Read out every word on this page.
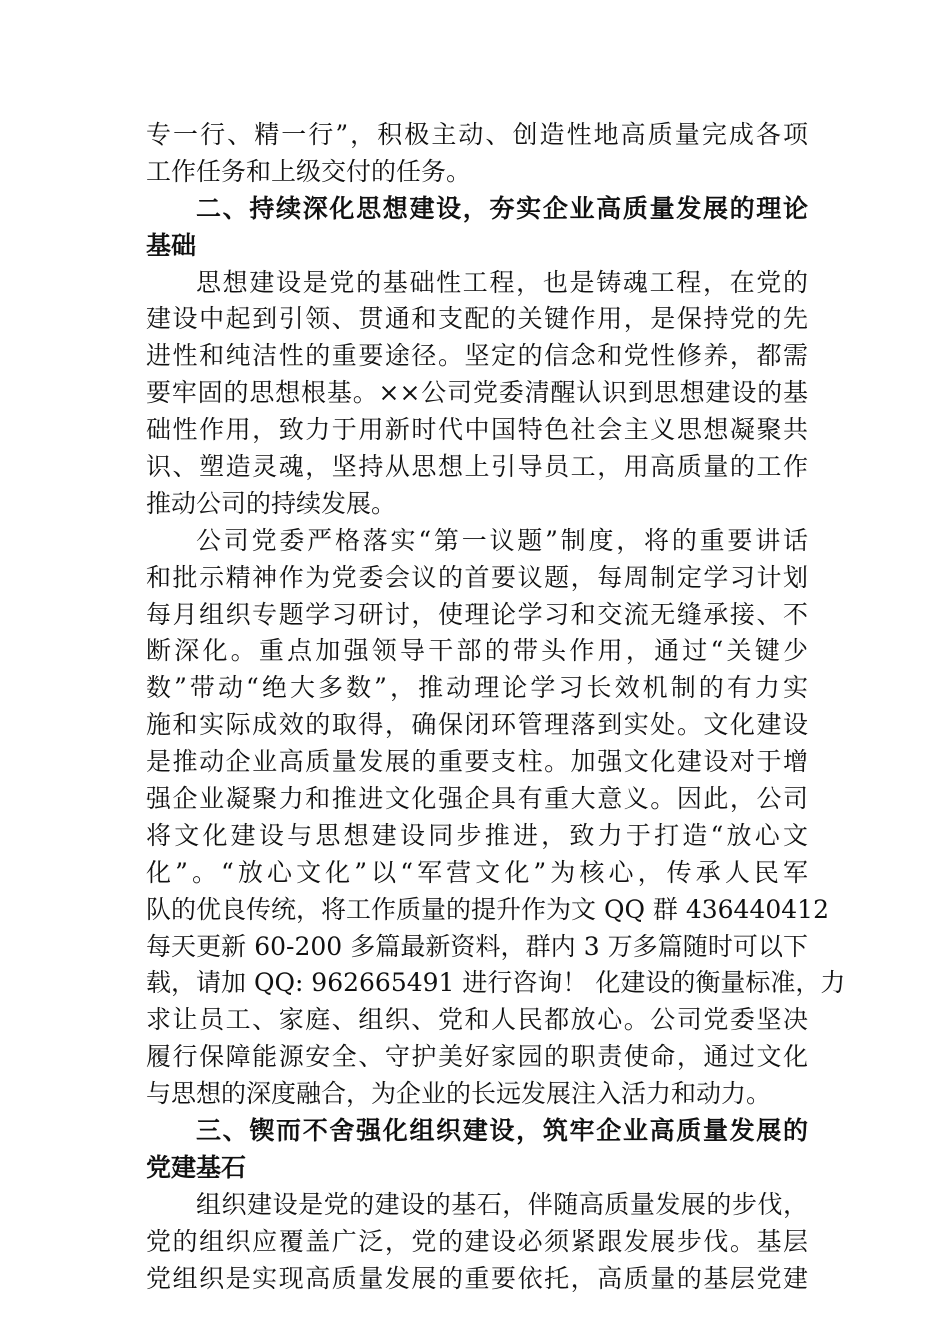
专一行、精一行”，积极主动、创造性地高质量完成各项
工作任务和上级交付的任务。
二、持续深化思想建设，夯实企业高质量发展的理论
基础
思想建设是党的基础性工程，也是铸魂工程，在党的
建设中起到引领、贯通和支配的关键作用，是保持党的先
进性和纯洁性的重要途径。坚定的信念和党性修养，都需
要牢固的思想根基。××公司党委清醒认识到思想建设的基
础性作用，致力于用新时代中国特色社会主义思想凝聚共
识、塑造灵魂，坚持从思想上引导员工，用高质量的工作
推动公司的持续发展。
公司党委严格落实“第一议题”制度，将的重要讲话
和批示精神作为党委会议的首要议题，每周制定学习计划
每月组织专题学习研讨，使理论学习和交流无缝承接、不
断深化。重点加强领导干部的带头作用，通过“关键少
数”带动“绝大多数”，推动理论学习长效机制的有力实
施和实际成效的取得，确保闭环管理落到实处。文化建设
是推动企业高质量发展的重要支柱。加强文化建设对于增
强企业凝聚力和推进文化强企具有重大意义。因此，公司
将文化建设与思想建设同步推进，致力于打造“放心文
化”。“放心文化”以“军营文化”为核心，传承人民军
队的优良传统，将工作质量的提升作为文 QQ 群 436440412
每天更新 60-200 多篇最新资料，群内 3 万多篇随时可以下
载，请加 QQ: 962665491 进行咨询！ 化建设的衡量标准，力
求让员工、家庭、组织、党和人民都放心。公司党委坚决
履行保障能源安全、守护美好家园的职责使命，通过文化
与思想的深度融合，为企业的长远发展注入活力和动力。
三、锲而不舍强化组织建设，筑牢企业高质量发展的
党建基石
组织建设是党的建设的基石，伴随高质量发展的步伐，
党的组织应覆盖广泛，党的建设必须紧跟发展步伐。基层
党组织是实现高质量发展的重要依托，高质量的基层党建
